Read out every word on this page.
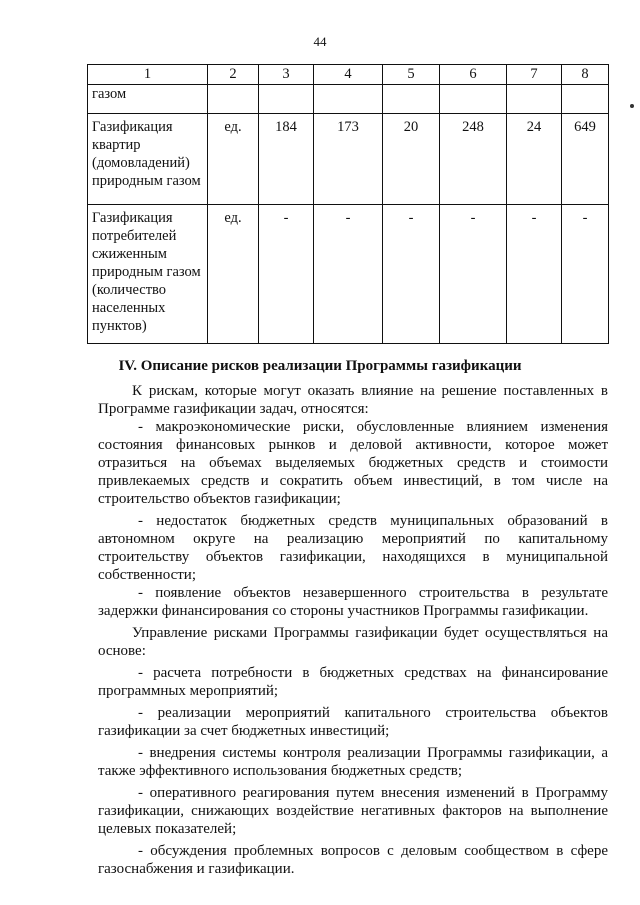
44
1	2	3	4	5	6	7	8
газом							
Газификация квартир (домовладений) природным газом	ед.	184	173	20	248	24	649
Газификация потребителей сжиженным природным газом (количество населенных пунктов)	ед.	-	-	-	-	-	-
IV. Описание рисков реализации Программы газификации

К рискам, которые могут оказать влияние на решение поставленных в Программе газификации задач, относятся:

- макроэкономические риски, обусловленные влиянием изменения состояния финансовых рынков и деловой активности, которое может отразиться на объемах выделяемых бюджетных средств и стоимости привлекаемых средств и сократить объем инвестиций, в том числе на строительство объектов газификации;

- недостаток бюджетных средств муниципальных образований в автономном округе на реализацию мероприятий по капитальному строительству объектов газификации, находящихся в муниципальной собственности;

- появление объектов незавершенного строительства в результате задержки финансирования со стороны участников Программы газификации.

Управление рисками Программы газификации будет осуществляться на основе:

- расчета потребности в бюджетных средствах на финансирование программных мероприятий;

- реализации мероприятий капитального строительства объектов газификации за счет бюджетных инвестиций;

- внедрения системы контроля реализации Программы газификации, а также эффективного использования бюджетных средств;

- оперативного реагирования путем внесения изменений в Программу газификации, снижающих воздействие негативных факторов на выполнение целевых показателей;

- обсуждения проблемных вопросов с деловым сообществом в сфере газоснабжения и газификации.
